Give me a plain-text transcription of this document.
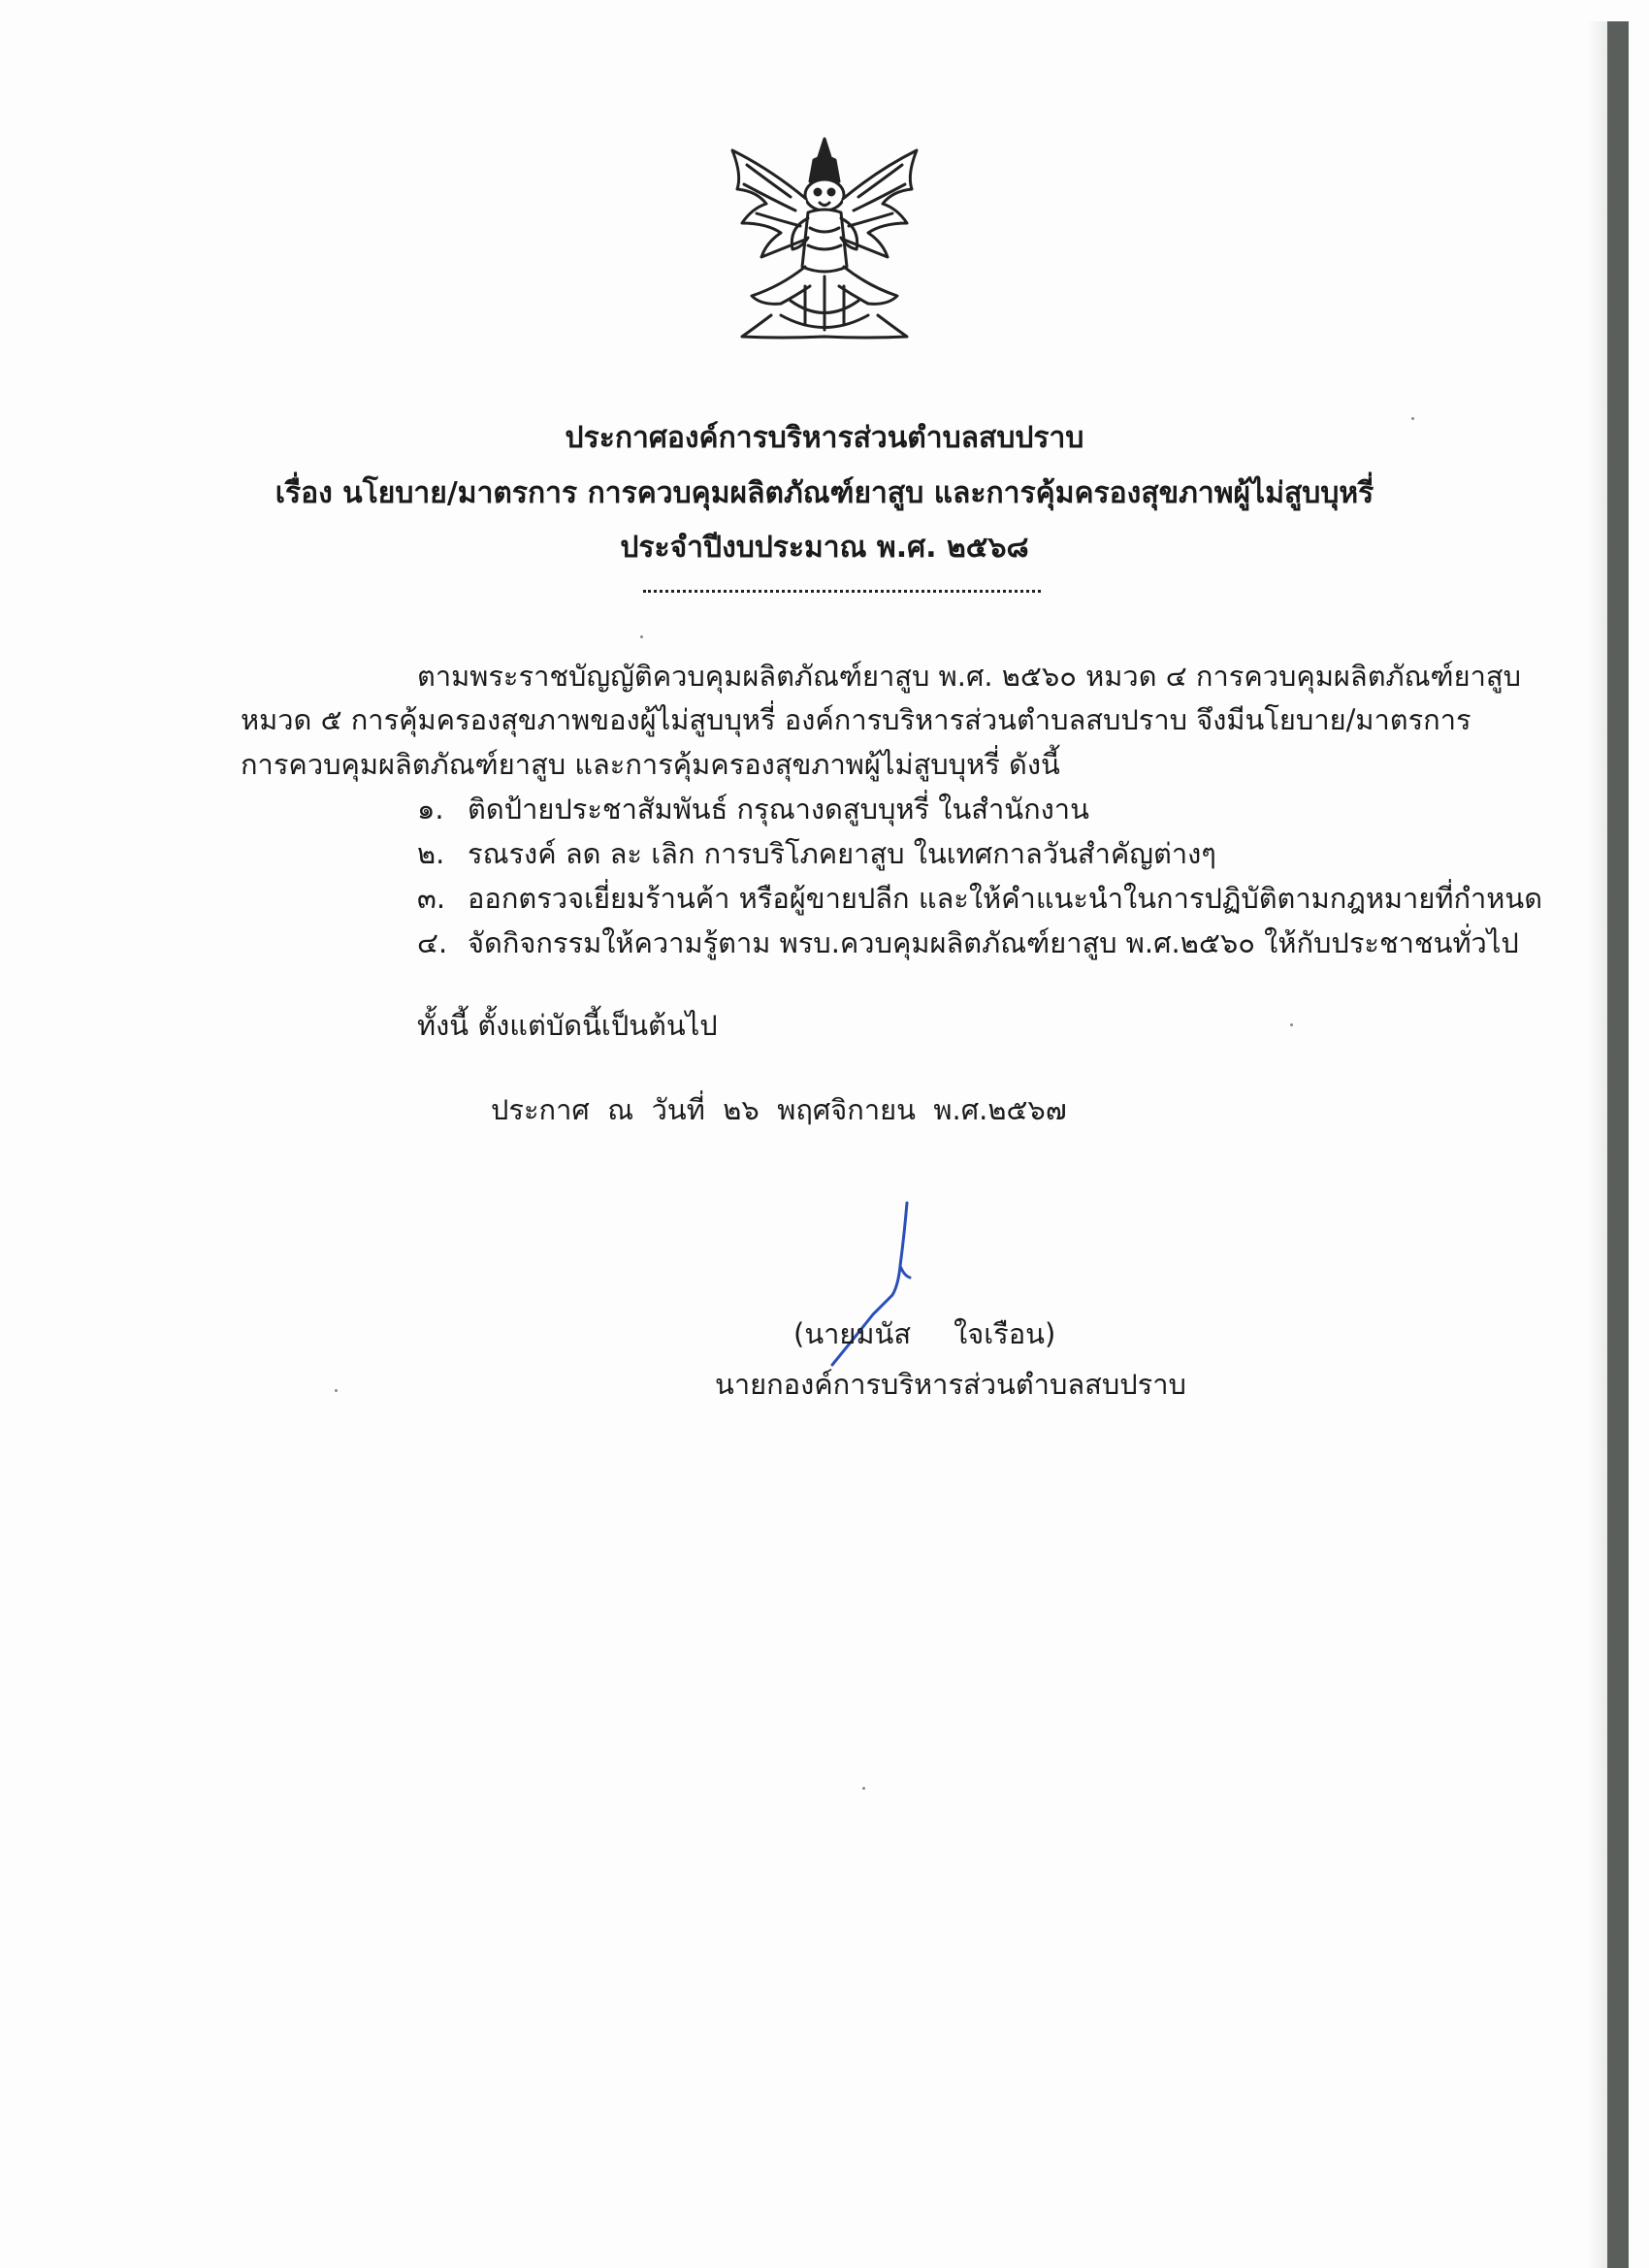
ประกาศองค์การบริหารส่วนตำบลสบปราบ
เรื่อง นโยบาย/มาตรการ การควบคุมผลิตภัณฑ์ยาสูบ และการคุ้มครองสุขภาพผู้ไม่สูบบุหรี่
ประจำปีงบประมาณ พ.ศ. ๒๕๖๘
ตามพระราชบัญญัติควบคุมผลิตภัณฑ์ยาสูบ พ.ศ. ๒๕๖๐ หมวด ๔ การควบคุมผลิตภัณฑ์ยาสูบ
หมวด ๕ การคุ้มครองสุขภาพของผู้ไม่สูบบุหรี่ องค์การบริหารส่วนตำบลสบปราบ จึงมีนโยบาย/มาตรการ
การควบคุมผลิตภัณฑ์ยาสูบ และการคุ้มครองสุขภาพผู้ไม่สูบบุหรี่ ดังนี้
๑. ติดป้ายประชาสัมพันธ์ กรุณางดสูบบุหรี่ ในสำนักงาน
๒. รณรงค์ ลด ละ เลิก การบริโภคยาสูบ ในเทศกาลวันสำคัญต่างๆ
๓. ออกตรวจเยี่ยมร้านค้า หรือผู้ขายปลีก และให้คำแนะนำในการปฏิบัติตามกฎหมายที่กำหนด
๔. จัดกิจกรรมให้ความรู้ตาม พรบ.ควบคุมผลิตภัณฑ์ยาสูบ พ.ศ.๒๕๖๐ ให้กับประชาชนทั่วไป
ทั้งนี้ ตั้งแต่บัดนี้เป็นต้นไป
ประกาศ  ณ  วันที่  ๒๖  พฤศจิกายน  พ.ศ.๒๕๖๗
(นายมนัส ใจเรือน)
นายกองค์การบริหารส่วนตำบลสบปราบ
